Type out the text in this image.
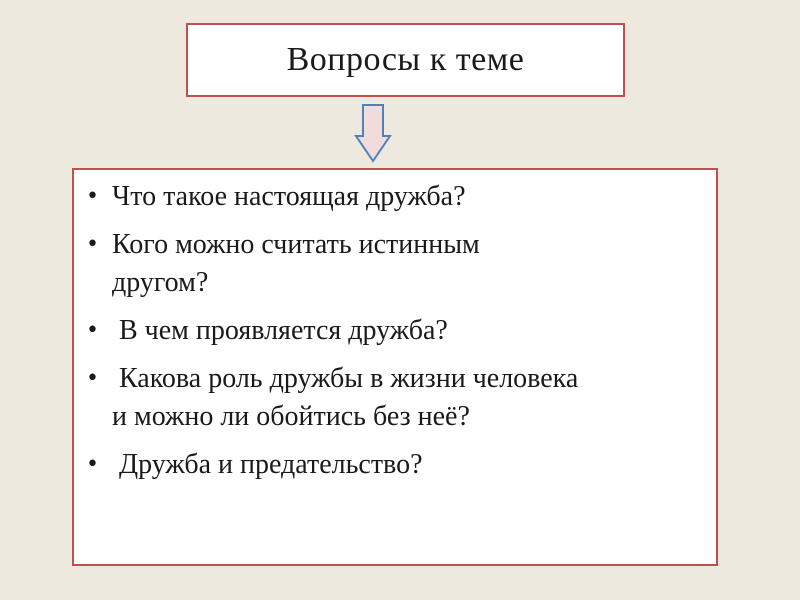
Вопросы к теме
• Что такое настоящая дружба?
• Кого можно считать истинным
другом?
• В чем проявляется дружба?
• Какова роль дружбы в жизни человека
и можно ли обойтись без неё?
• Дружба и предательство?
